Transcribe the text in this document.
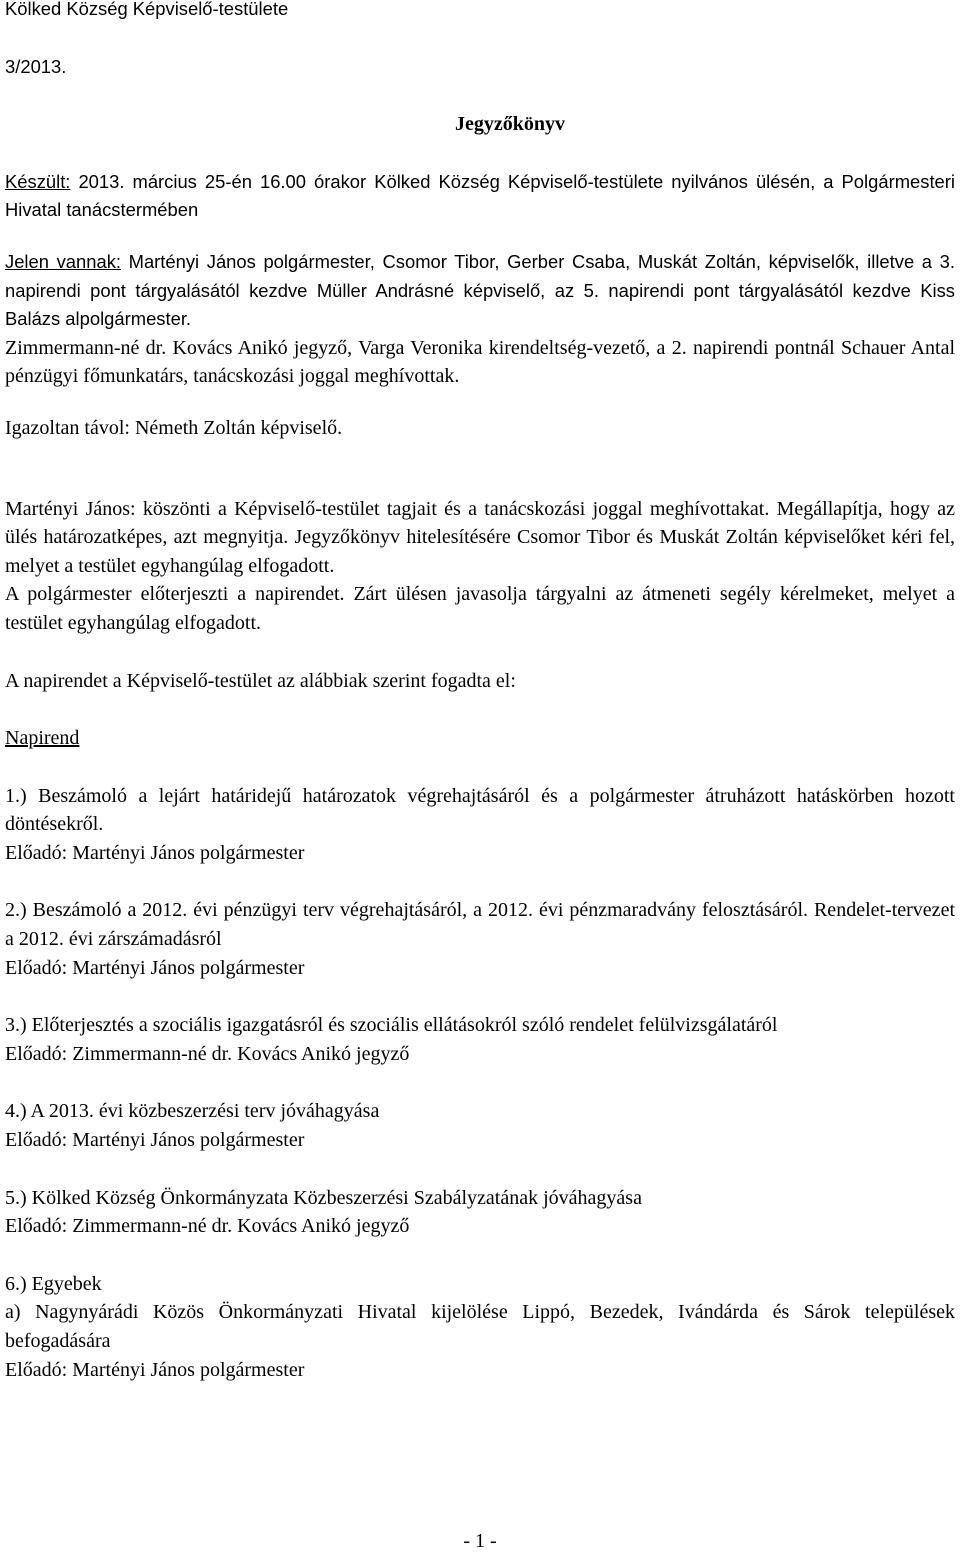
Kölked Község Képviselő-testülete

3/2013.

Jegyzőkönyv

Készült: 2013. március 25-én 16.00 órakor Kölked Község Képviselő-testülete nyilvános ülésén, a Polgármesteri Hivatal tanácstermében

Jelen vannak: Martényi János polgármester, Csomor Tibor, Gerber Csaba, Muskát Zoltán, képviselők, illetve a 3. napirendi pont tárgyalásától kezdve Müller Andrásné képviselő, az 5. napirendi pont tárgyalásától kezdve Kiss Balázs alpolgármester.

Zimmermann-né dr. Kovács Anikó jegyző, Varga Veronika kirendeltség-vezető, a 2. napirendi pontnál Schauer Antal pénzügyi főmunkatárs, tanácskozási joggal meghívottak.

Igazoltan távol: Németh Zoltán képviselő.

Martényi János: köszönti a Képviselő-testület tagjait és a tanácskozási joggal meghívottakat. Megállapítja, hogy az ülés határozatképes, azt megnyitja. Jegyzőkönyv hitelesítésére Csomor Tibor és Muskát Zoltán képviselőket kéri fel, melyet a testület egyhangúlag elfogadott.

A polgármester előterjeszti a napirendet. Zárt ülésen javasolja tárgyalni az átmeneti segély kérelmeket, melyet a testület egyhangúlag elfogadott.

A napirendet a Képviselő-testület az alábbiak szerint fogadta el:

Napirend

1.) Beszámoló a lejárt határidejű határozatok végrehajtásáról és a polgármester átruházott hatáskörben hozott döntésekről.

Előadó: Martényi János polgármester

2.) Beszámoló a 2012. évi pénzügyi terv végrehajtásáról, a 2012. évi pénzmaradvány felosztásáról. Rendelet-tervezet a 2012. évi zárszámadásról

Előadó: Martényi János polgármester

3.) Előterjesztés a szociális igazgatásról és szociális ellátásokról szóló rendelet felülvizsgálatáról

Előadó: Zimmermann-né dr. Kovács Anikó jegyző

4.) A 2013. évi közbeszerzési terv jóváhagyása

Előadó: Martényi János polgármester

5.) Kölked Község Önkormányzata Közbeszerzési Szabályzatának jóváhagyása

Előadó: Zimmermann-né dr. Kovács Anikó jegyző

6.) Egyebek

a) Nagynyárádi Közös Önkormányzati Hivatal kijelölése Lippó, Bezedek, Ivándárda és Sárok települések befogadására

Előadó: Martényi János polgármester

- 1 -
